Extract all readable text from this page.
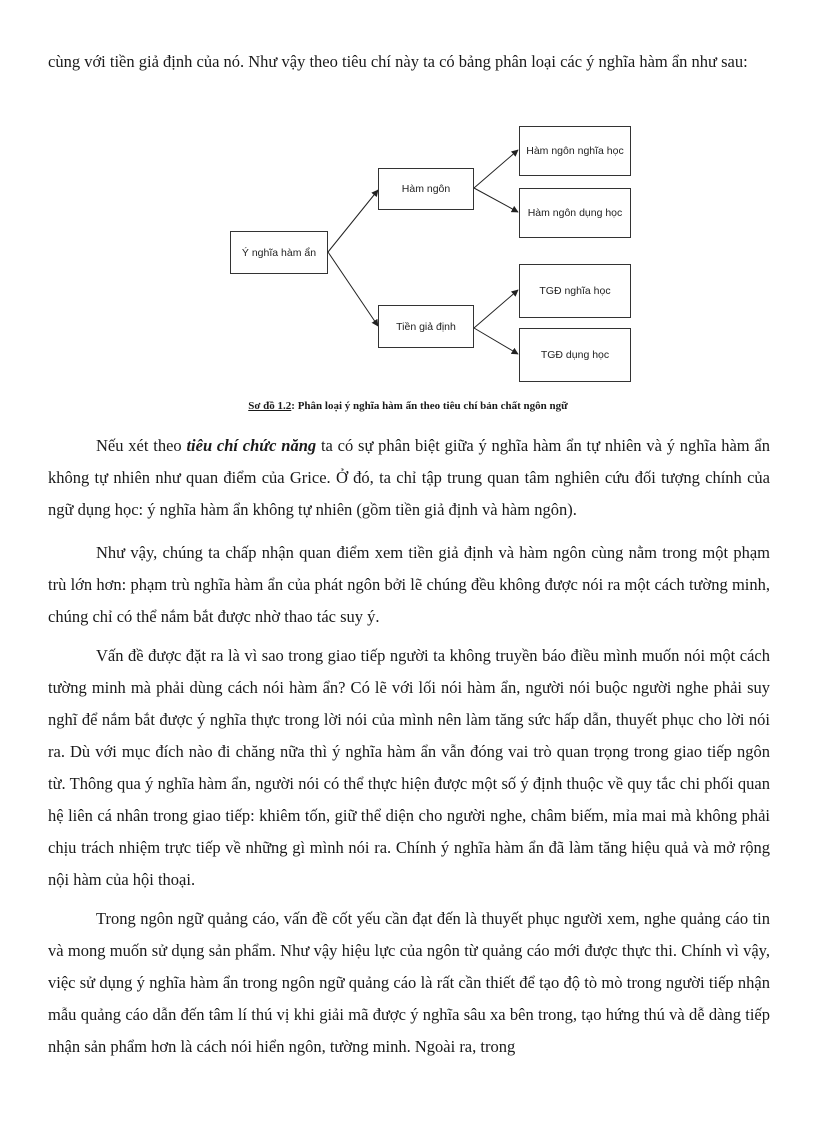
cùng với tiền giả định của nó. Như vậy theo tiêu chí này ta có bảng phân loại các ý nghĩa hàm ẩn như sau:

Ý nghĩa hàm ẩn
Hàm ngôn
Tiền giả định
Hàm ngôn nghĩa học
Hàm ngôn dụng học
TGĐ nghĩa học
TGĐ dụng học
Sơ đồ 1.2: Phân loại ý nghĩa hàm ẩn theo tiêu chí bản chất ngôn ngữ

Nếu xét theo tiêu chí chức năng ta có sự phân biệt giữa ý nghĩa hàm ẩn tự nhiên và ý nghĩa hàm ẩn không tự nhiên như quan điểm của Grice. Ở đó, ta chỉ tập trung quan tâm nghiên cứu đối tượng chính của ngữ dụng học: ý nghĩa hàm ẩn không tự nhiên (gồm tiền giả định và hàm ngôn).

Như vậy, chúng ta chấp nhận quan điểm xem tiền giả định và hàm ngôn cùng nằm trong một phạm trù lớn hơn: phạm trù nghĩa hàm ẩn của phát ngôn bởi lẽ chúng đều không được nói ra một cách tường minh, chúng chỉ có thể nắm bắt được nhờ thao tác suy ý.

Vấn đề được đặt ra là vì sao trong giao tiếp người ta không truyền báo điều mình muốn nói một cách tường minh mà phải dùng cách nói hàm ẩn? Có lẽ với lối nói hàm ẩn, người nói buộc người nghe phải suy nghĩ để nắm bắt được ý nghĩa thực trong lời nói của mình nên làm tăng sức hấp dẫn, thuyết phục cho lời nói ra. Dù với mục đích nào đi chăng nữa thì ý nghĩa hàm ẩn vẫn đóng vai trò quan trọng trong giao tiếp ngôn từ. Thông qua ý nghĩa hàm ẩn, người nói có thể thực hiện được một số ý định thuộc về quy tắc chi phối quan hệ liên cá nhân trong giao tiếp: khiêm tốn, giữ thể diện cho người nghe, châm biếm, mỉa mai mà không phải chịu trách nhiệm trực tiếp về những gì mình nói ra. Chính ý nghĩa hàm ẩn đã làm tăng hiệu quả và mở rộng nội hàm của hội thoại.

Trong ngôn ngữ quảng cáo, vấn đề cốt yếu cần đạt đến là thuyết phục người xem, nghe quảng cáo tin và mong muốn sử dụng sản phẩm. Như vậy hiệu lực của ngôn từ quảng cáo mới được thực thi. Chính vì vậy, việc sử dụng ý nghĩa hàm ẩn trong ngôn ngữ quảng cáo là rất cần thiết để tạo độ tò mò trong người tiếp nhận mẫu quảng cáo dẫn đến tâm lí thú vị khi giải mã được ý nghĩa sâu xa bên trong, tạo hứng thú và dễ dàng tiếp nhận sản phẩm hơn là cách nói hiển ngôn, tường minh. Ngoài ra, trong
